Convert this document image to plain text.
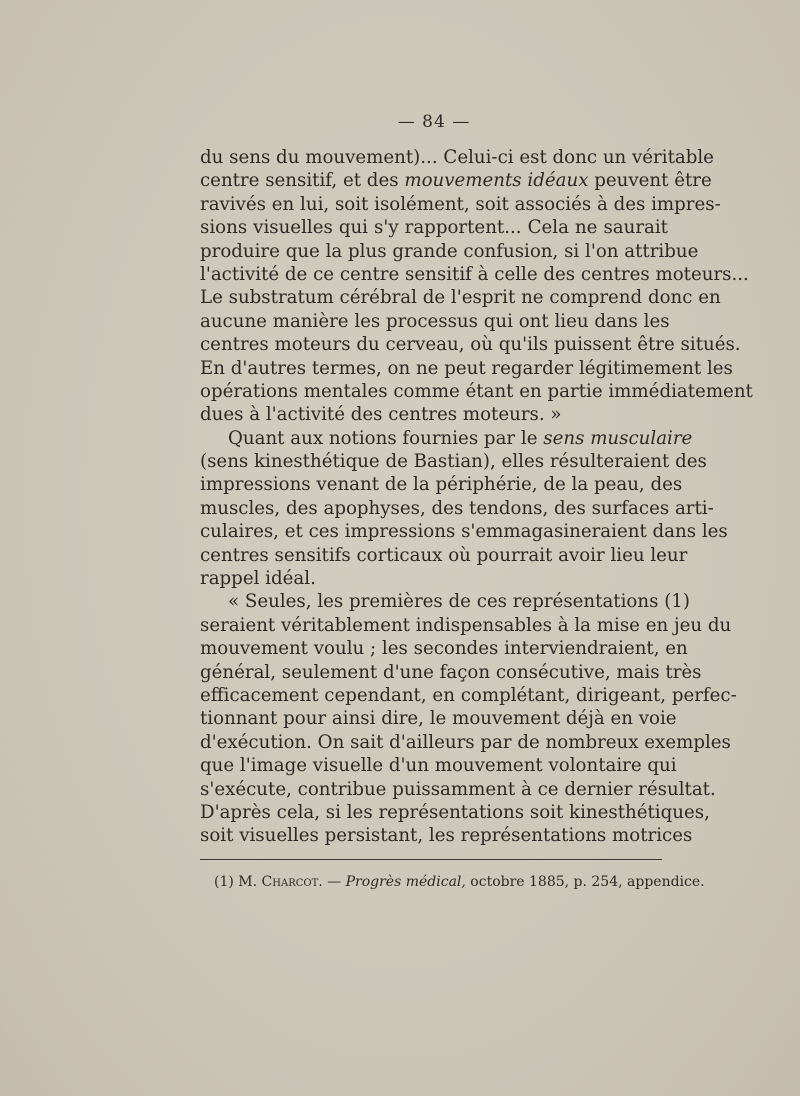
— 84 —
du sens du mouvement)... Celui-ci est donc un véritable
centre sensitif, et des mouvements idéaux peuvent être
ravivés en lui, soit isolément, soit associés à des impres-
sions visuelles qui s'y rapportent... Cela ne saurait
produire que la plus grande confusion, si l'on attribue
l'activité de ce centre sensitif à celle des centres moteurs...
Le substratum cérébral de l'esprit ne comprend donc en
aucune manière les processus qui ont lieu dans les
centres moteurs du cerveau, où qu'ils puissent être situés.
En d'autres termes, on ne peut regarder légitimement les
opérations mentales comme étant en partie immédiatement
dues à l'activité des centres moteurs. »
Quant aux notions fournies par le sens musculaire
(sens kinesthétique de Bastian), elles résulteraient des
impressions venant de la périphérie, de la peau, des
muscles, des apophyses, des tendons, des surfaces arti-
culaires, et ces impressions s'emmagasineraient dans les
centres sensitifs corticaux où pourrait avoir lieu leur
rappel idéal.
« Seules, les premières de ces représentations (1)
seraient véritablement indispensables à la mise en jeu du
mouvement voulu ; les secondes interviendraient, en
général, seulement d'une façon consécutive, mais très
efficacement cependant, en complétant, dirigeant, perfec-
tionnant pour ainsi dire, le mouvement déjà en voie
d'exécution. On sait d'ailleurs par de nombreux exemples
que l'image visuelle d'un mouvement volontaire qui
s'exécute, contribue puissamment à ce dernier résultat.
D'après cela, si les représentations soit kinesthétiques,
soit visuelles persistant, les représentations motrices
(1) M. Charcot. — Progrès médical, octobre 1885, p. 254, appendice.
